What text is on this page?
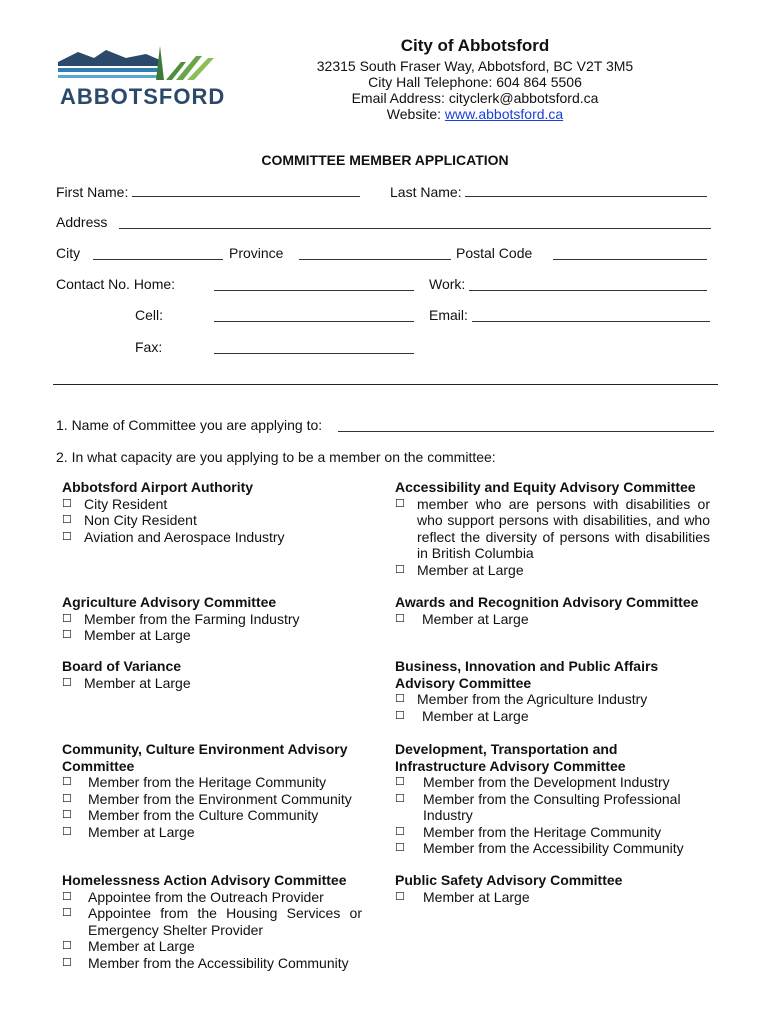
ABBOTSFORD
City of Abbotsford
32315 South Fraser Way, Abbotsford, BC V2T 3M5
City Hall Telephone: 604 864 5506
Email Address: cityclerk@abbotsford.ca
Website: www.abbotsford.ca
COMMITTEE MEMBER APPLICATION
First Name:	Last Name:
Address
City	Province	Postal Code
Contact No. Home:	Work:
Cell:	Email:
Fax:
1. Name of Committee you are applying to:
2. In what capacity are you applying to be a member on the committee:
Abbotsford Airport Authority
☐ City Resident
☐ Non City Resident
☐ Aviation and Aerospace Industry
Agriculture Advisory Committee
☐ Member from the Farming Industry
☐ Member at Large
Board of Variance
☐ Member at Large
Community, Culture Environment Advisory
Committee
☐ Member from the Heritage Community
☐ Member from the Environment Community
☐ Member from the Culture Community
☐ Member at Large
Homelessness Action Advisory Committee
☐ Appointee from the Outreach Provider
☐ Appointee from the Housing Services or Emergency Shelter Provider
☐ Member at Large
☐ Member from the Accessibility Community
Accessibility and Equity Advisory Committee
☐ member who are persons with disabilities or who support persons with disabilities, and who reflect the diversity of persons with disabilities in British Columbia
☐ Member at Large
Awards and Recognition Advisory Committee
☐ Member at Large
Business, Innovation and Public Affairs
Advisory Committee
☐ Member from the Agriculture Industry
☐ Member at Large
Development, Transportation and
Infrastructure Advisory Committee
☐ Member from the Development Industry
☐ Member from the Consulting Professional Industry
☐ Member from the Heritage Community
☐ Member from the Accessibility Community
Public Safety Advisory Committee
☐ Member at Large
